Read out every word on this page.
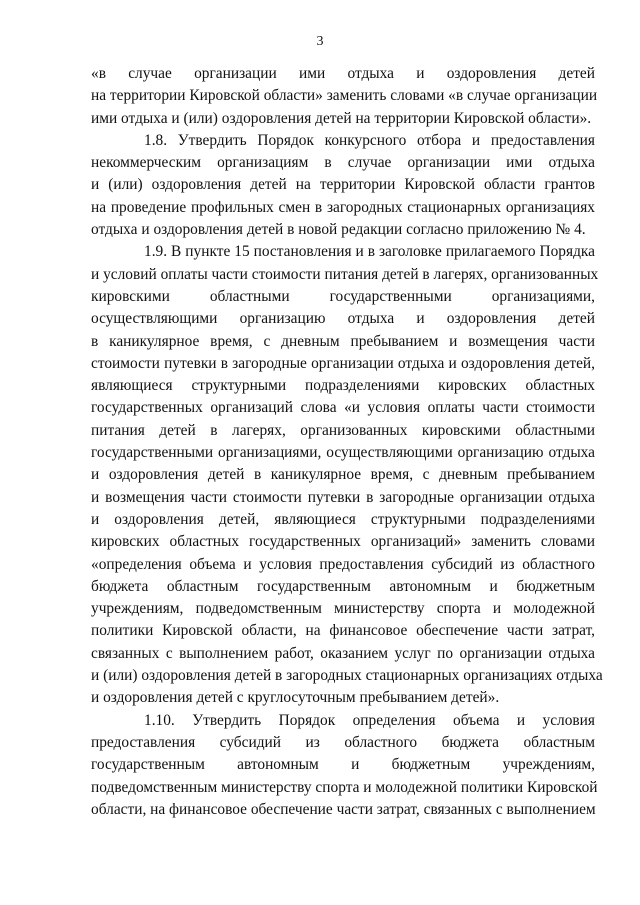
3

«в случае организации ими отдыха и оздоровления детей
на территории Кировской области» заменить словами «в случае организации
ими отдыха и (или) оздоровления детей на территории Кировской области».

1.8. Утвердить Порядок конкурсного отбора и предоставления
некоммерческим организациям в случае организации ими отдыха
и (или) оздоровления детей на территории Кировской области грантов
на проведение профильных смен в загородных стационарных организациях
отдыха и оздоровления детей в новой редакции согласно приложению № 4.

1.9. В пункте 15 постановления и в заголовке прилагаемого Порядка
и условий оплаты части стоимости питания детей в лагерях, организованных
кировскими областными государственными организациями,
осуществляющими организацию отдыха и оздоровления детей
в каникулярное время, с дневным пребыванием и возмещения части
стоимости путевки в загородные организации отдыха и оздоровления детей,
являющиеся структурными подразделениями кировских областных
государственных организаций слова «и условия оплаты части стоимости
питания детей в лагерях, организованных кировскими областными
государственными организациями, осуществляющими организацию отдыха
и оздоровления детей в каникулярное время, с дневным пребыванием
и возмещения части стоимости путевки в загородные организации отдыха
и оздоровления детей, являющиеся структурными подразделениями
кировских областных государственных организаций» заменить словами
«определения объема и условия предоставления субсидий из областного
бюджета областным государственным автономным и бюджетным
учреждениям, подведомственным министерству спорта и молодежной
политики Кировской области, на финансовое обеспечение части затрат,
связанных с выполнением работ, оказанием услуг по организации отдыха
и (или) оздоровления детей в загородных стационарных организациях отдыха
и оздоровления детей с круглосуточным пребыванием детей».

1.10. Утвердить Порядок определения объема и условия
предоставления субсидий из областного бюджета областным
государственным автономным и бюджетным учреждениям,
подведомственным министерству спорта и молодежной политики Кировской
области, на финансовое обеспечение части затрат, связанных с выполнением
